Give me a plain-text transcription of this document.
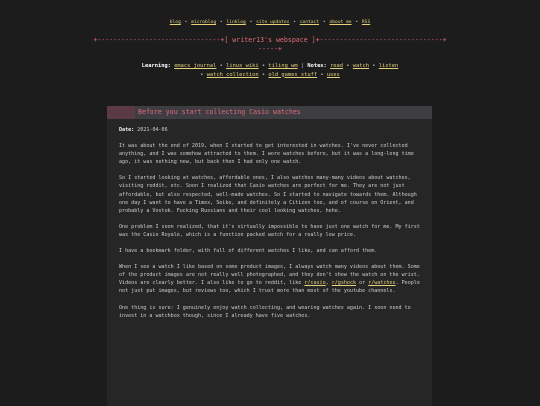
blog • microblog • linklog • site updates • contact • about me • RSS
+-------------------------------+[ writer13's webspace ]+-------------------------------+
-----+
Learning: emacs journal • linux wiki • tiling wm | Notes: read • watch • listen • watch collection • old games stuff • uses
Before you start collecting Casio watches

Date: 2021-04-06

It was about the end of 2019, when I started to get interested in watches. I've never collected anything, and I was somehow attracted to them. I wore watches before, but it was a long-long time ago, it was nothing new, but back then I had only one watch.

So I started looking at watches, affordable ones, I also watches many-many videos about watches, visiting reddit, etc. Soon I realized that Casio watches are perfect for me. They are not just affordable, but also respected, well-made watches. So I started to navigate towards them. Although one day I want to have a Timex, Seiko, and definitely a Citizen too, and of course on Orient, and probably a Vostok. Fucking Russians and their cool looking watches, hehe.

One problem I soon realized, that it's virtually impossible to have just one watch for me. My first was the Casio Royale, which is a function packed watch for a really low price.

I have a bookmark folder, with full of different watches I like, and can afford them.

When I see a watch I like based on some product images, I always watch many videos about them. Some of the product images are not really well photographed, and they don't show the watch on the wrist. Videos are clearly better. I also like to go to reddit, like r/casio, r/gshock or r/watches. People not just put images, but reviews too, which I trust more than most of the youtube channels.

One thing is sure: I genuinely enjoy watch collecting, and wearing watches again. I soon need to invest in a watchbox though, since I already have five watches.
